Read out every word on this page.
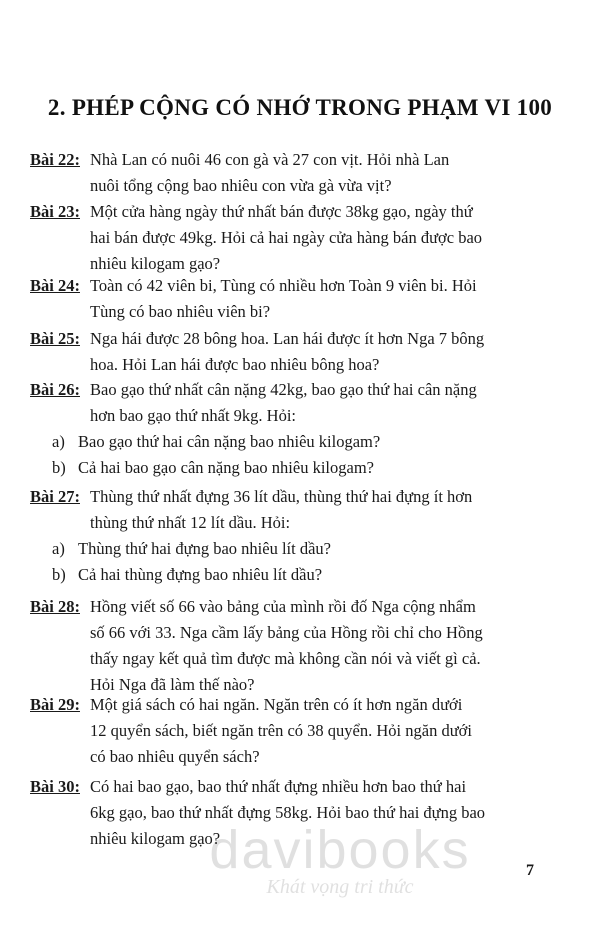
2. PHÉP CỘNG CÓ NHỚ TRONG PHẠM VI 100
Bài 22: Nhà Lan có nuôi 46 con gà và 27 con vịt. Hỏi nhà Lan
nuôi tổng cộng bao nhiêu con vừa gà vừa vịt?
Bài 23: Một cửa hàng ngày thứ nhất bán được 38kg gạo, ngày thứ
hai bán được 49kg. Hỏi cả hai ngày cửa hàng bán được bao
nhiêu kilogam gạo?
Bài 24: Toàn có 42 viên bi, Tùng có nhiều hơn Toàn 9 viên bi. Hỏi
Tùng có bao nhiêu viên bi?
Bài 25: Nga hái được 28 bông hoa. Lan hái được ít hơn Nga 7 bông
hoa. Hỏi Lan hái được bao nhiêu bông hoa?
Bài 26: Bao gạo thứ nhất cân nặng 42kg, bao gạo thứ hai cân nặng
hơn bao gạo thứ nhất 9kg. Hỏi:
a) Bao gạo thứ hai cân nặng bao nhiêu kilogam?
b) Cả hai bao gạo cân nặng bao nhiêu kilogam?
Bài 27: Thùng thứ nhất đựng 36 lít dầu, thùng thứ hai đựng ít hơn
thùng thứ nhất 12 lít dầu. Hỏi:
a) Thùng thứ hai đựng bao nhiêu lít dầu?
b) Cả hai thùng đựng bao nhiêu lít dầu?
Bài 28: Hồng viết số 66 vào bảng của mình rồi đố Nga cộng nhẩm
số 66 với 33. Nga cầm lấy bảng của Hồng rồi chỉ cho Hồng
thấy ngay kết quả tìm được mà không cần nói và viết gì cả.
Hỏi Nga đã làm thế nào?
Bài 29: Một giá sách có hai ngăn. Ngăn trên có ít hơn ngăn dưới
12 quyển sách, biết ngăn trên có 38 quyển. Hỏi ngăn dưới
có bao nhiêu quyển sách?
Bài 30: Có hai bao gạo, bao thứ nhất đựng nhiều hơn bao thứ hai
6kg gạo, bao thứ nhất đựng 58kg. Hỏi bao thứ hai đựng bao
nhiêu kilogam gạo?
davibooks
Khát vọng tri thức
7
